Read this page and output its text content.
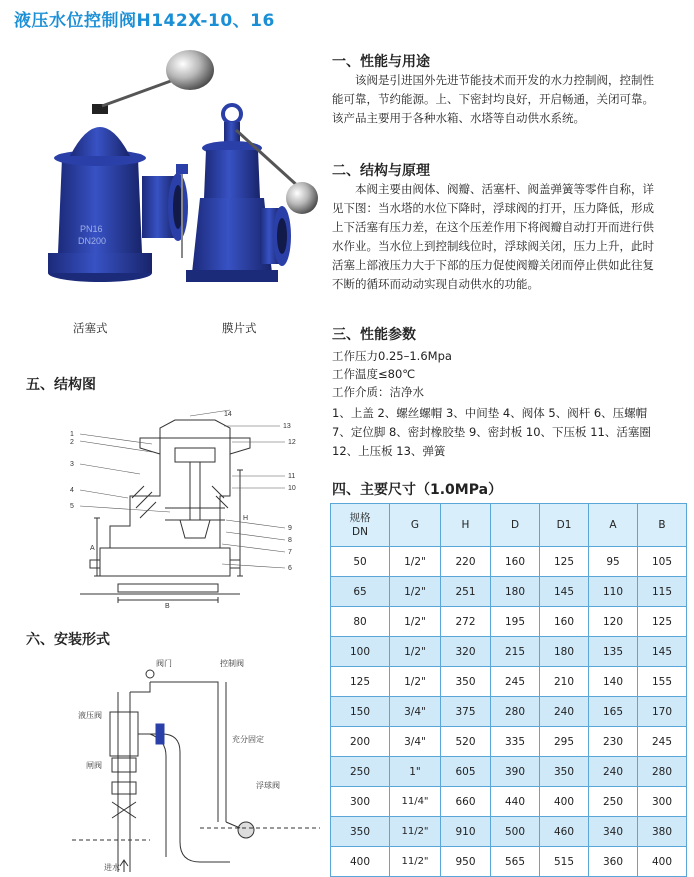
液压水位控制阀H142X-10、16
PN16
DN200
活塞式	膜片式
一、性能与用途

该阀是引进国外先进节能技术而开发的水力控制阀，控制性

能可靠，节约能源。上、下密封均良好，开启畅通，关闭可靠。

该产品主要用于各种水箱、水塔等自动供水系统。

二、结构与原理

本阀主要由阀体、阀瓣、活塞杆、阀盖弹簧等零件自称，详

见下图：当水塔的水位下降时，浮球阀的打开，压力降低，形成

上下活塞有压力差，在这个压差作用下将阀瓣自动打开而进行供

水作业。当水位上到控制线位时，浮球阀关闭，压力上升，此时

活塞上部液压力大于下部的压力促使阀瓣关闭而停止供如此往复

不断的循环而动动实现自动供水的功能。

三、性能参数
工作压力0.25–1.6Mpa
工作温度≤80℃
工作介质：洁净水
1、上盖 2、螺丝螺帽 3、中间垫 4、阀体 5、阀杆 6、压螺帽
7、定位脚 8、密封橡胶垫 9、密封板 10、下压板 11、活塞圈
12、上压板 13、弹簧
四、主要尺寸（1.0MPa）
规格DN	G	H	D	D1	A	B
50	1/2"	220	160	125	95	105
65	1/2"	251	180	145	110	115
80	1/2"	272	195	160	120	125
100	1/2"	320	215	180	135	145
125	1/2"	350	245	210	140	155
150	3/4"	375	280	240	165	170
200	3/4"	520	335	295	230	245
250	1"	605	390	350	240	280
300	11/4"	660	440	400	250	300
350	11/2"	910	500	460	340	380
400	11/2"	950	565	515	360	400
五、结构图
1
2
3
4
5
6
7
8
9
10
11
12
13
14
A
B
H
六、安装形式
阀门	控制阀
液压阀
闸阀
充分固定
浮球阀
进水
